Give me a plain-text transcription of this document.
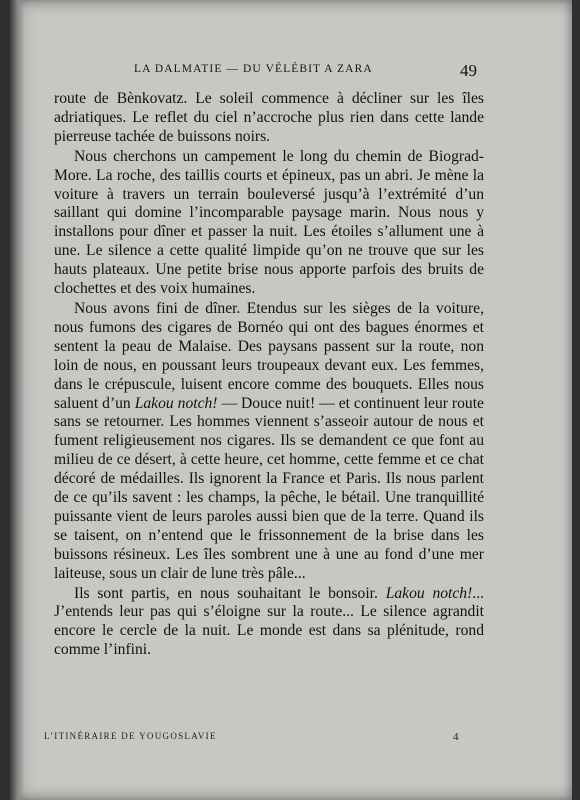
LA DALMATIE — DU VÉLÉBIT A ZARA	49

route de Bènkovatz. Le soleil commence à décliner sur les îles adriatiques. Le reflet du ciel n’accroche plus rien dans cette lande pierreuse tachée de buissons noirs.

Nous cherchons un campement le long du chemin de Biograd-More. La roche, des taillis courts et épineux, pas un abri. Je mène la voiture à travers un terrain bouleversé jusqu’à l’extrémité d’un saillant qui domine l’incomparable paysage marin. Nous nous y installons pour dîner et passer la nuit. Les étoiles s’allument une à une. Le silence a cette qualité limpide qu’on ne trouve que sur les hauts plateaux. Une petite brise nous apporte parfois des bruits de clochettes et des voix humaines.

Nous avons fini de dîner. Etendus sur les sièges de la voiture, nous fumons des cigares de Bornéo qui ont des bagues énormes et sentent la peau de Malaise. Des paysans passent sur la route, non loin de nous, en poussant leurs troupeaux devant eux. Les femmes, dans le crépuscule, luisent encore comme des bouquets. Elles nous saluent d’un Lakou notch! — Douce nuit! — et continuent leur route sans se retourner. Les hommes viennent s’asseoir autour de nous et fument religieusement nos cigares. Ils se demandent ce que font au milieu de ce désert, à cette heure, cet homme, cette femme et ce chat décoré de médailles. Ils ignorent la France et Paris. Ils nous parlent de ce qu’ils savent : les champs, la pêche, le bétail. Une tranquillité puissante vient de leurs paroles aussi bien que de la terre. Quand ils se taisent, on n’entend que le frissonnement de la brise dans les buissons résineux. Les îles sombrent une à une au fond d’une mer laiteuse, sous un clair de lune très pâle...

Ils sont partis, en nous souhaitant le bonsoir. Lakou notch!... J’entends leur pas qui s’éloigne sur la route... Le silence agrandit encore le cercle de la nuit. Le monde est dans sa plénitude, rond comme l’infini.

L’ITINÉRAIRE DE YOUGOSLAVIE	4
